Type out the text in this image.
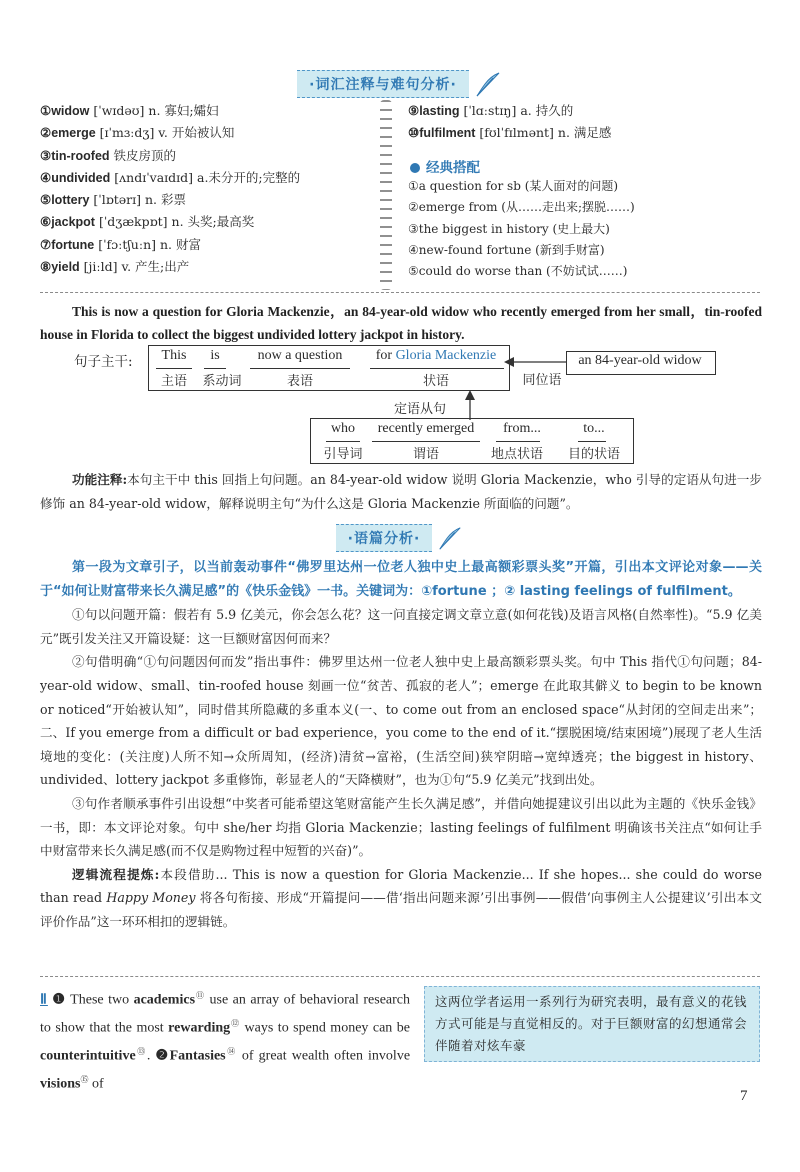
·词汇注释与难句分析·
①widow [ˈwɪdəʊ] n. 寡妇;孀妇
②emerge [ɪˈmɜːdʒ] v. 开始被认知
③tin-roofed 铁皮房顶的
④undivided [ʌndɪˈvaɪdɪd] a.未分开的;完整的
⑤lottery [ˈlɒtərɪ] n. 彩票
⑥jackpot [ˈdʒækpɒt] n. 头奖;最高奖
⑦fortune [ˈfɔːtʃuːn] n. 财富
⑧yield [jiːld] v. 产生;出产
⑨lasting [ˈlɑːstɪŋ] a. 持久的
⑩fulfilment [fʊlˈfɪlmənt] n. 满足感
经典搭配
①a question for sb (某人面对的问题)
②emerge from (从……走出来;摆脱……)
③the biggest in history (史上最大)
④new-found fortune (新到手财富)
⑤could do worse than (不妨试试……)
This is now a question for Gloria Mackenzie，an 84-year-old widow who recently emerged from her small，tin-roofed house in Florida to collect the biggest undivided lottery jackpot in history.
句子主干:	This
主语
is
系动词
now a question
表语
for Gloria Mackenzie
状语
an 84-year-old widow
同位语
定语从句
who
引导词
recently emerged
谓语
from...
地点状语
to...
目的状语
功能注释:本句主干中 this 回指上句问题。an 84-year-old widow 说明 Gloria Mackenzie，who 引导的定语从句进一步修饰 an 84-year-old widow，解释说明主句“为什么这是 Gloria Mackenzie 所面临的问题”。
·语篇分析·
第一段为文章引子，以当前轰动事件“佛罗里达州一位老人独中史上最高额彩票头奖”开篇，引出本文评论对象——关于“如何让财富带来长久满足感”的《快乐金钱》一书。关键词为：①fortune ；② lasting feelings of fulfilment。
①句以问题开篇：假若有 5.9 亿美元，你会怎么花？这一问直接定调文章立意(如何花钱)及语言风格(自然率性)。“5.9 亿美元”既引发关注又开篇设疑：这一巨额财富因何而来？
②句借明确“①句问题因何而发”指出事件：佛罗里达州一位老人独中史上最高额彩票头奖。句中 This 指代①句问题；84-year-old widow、small、tin-roofed house 刻画一位“贫苦、孤寂的老人”；emerge 在此取其僻义 to begin to be known or noticed“开始被认知”，同时借其所隐藏的多重本义(一、to come out from an enclosed space“从封闭的空间走出来”；二、If you emerge from a difficult or bad experience，you come to the end of it.“摆脱困境/结束困境”)展现了老人生活境地的变化：(关注度)人所不知→众所周知，(经济)清贫→富裕，(生活空间)狭窄阴暗→宽绰透亮；the biggest in history、undivided、lottery jackpot 多重修饰，彰显老人的“天降横财”，也为①句“5.9 亿美元”找到出处。
③句作者顺承事件引出设想“中奖者可能希望这笔财富能产生长久满足感”，并借向她提建议引出以此为主题的《快乐金钱》一书，即：本文评论对象。句中 she/her 均指 Gloria Mackenzie；lasting feelings of fulfilment 明确该书关注点“如何让手中财富带来长久满足感(而不仅是购物过程中短暂的兴奋)”。
逻辑流程提炼:本段借助... This is now a question for Gloria Mackenzie... If she hopes... she could do worse than read Happy Money 将各句衔接、形成“开篇提问——借‘指出问题来源’引出事例——假借‘向事例主人公提建议’引出本文评价作品”这一环环相扣的逻辑链。
Ⅱ ❶ These two academics⑪ use an array of behavioral research to show that the most rewarding⑫ ways to spend money can be counterintuitive⑬. ❷Fantasies⑭ of great wealth often involve visions⑮ of
这两位学者运用一系列行为研究表明，最有意义的花钱方式可能是与直觉相反的。对于巨额财富的幻想通常会伴随着对炫车豪
7
